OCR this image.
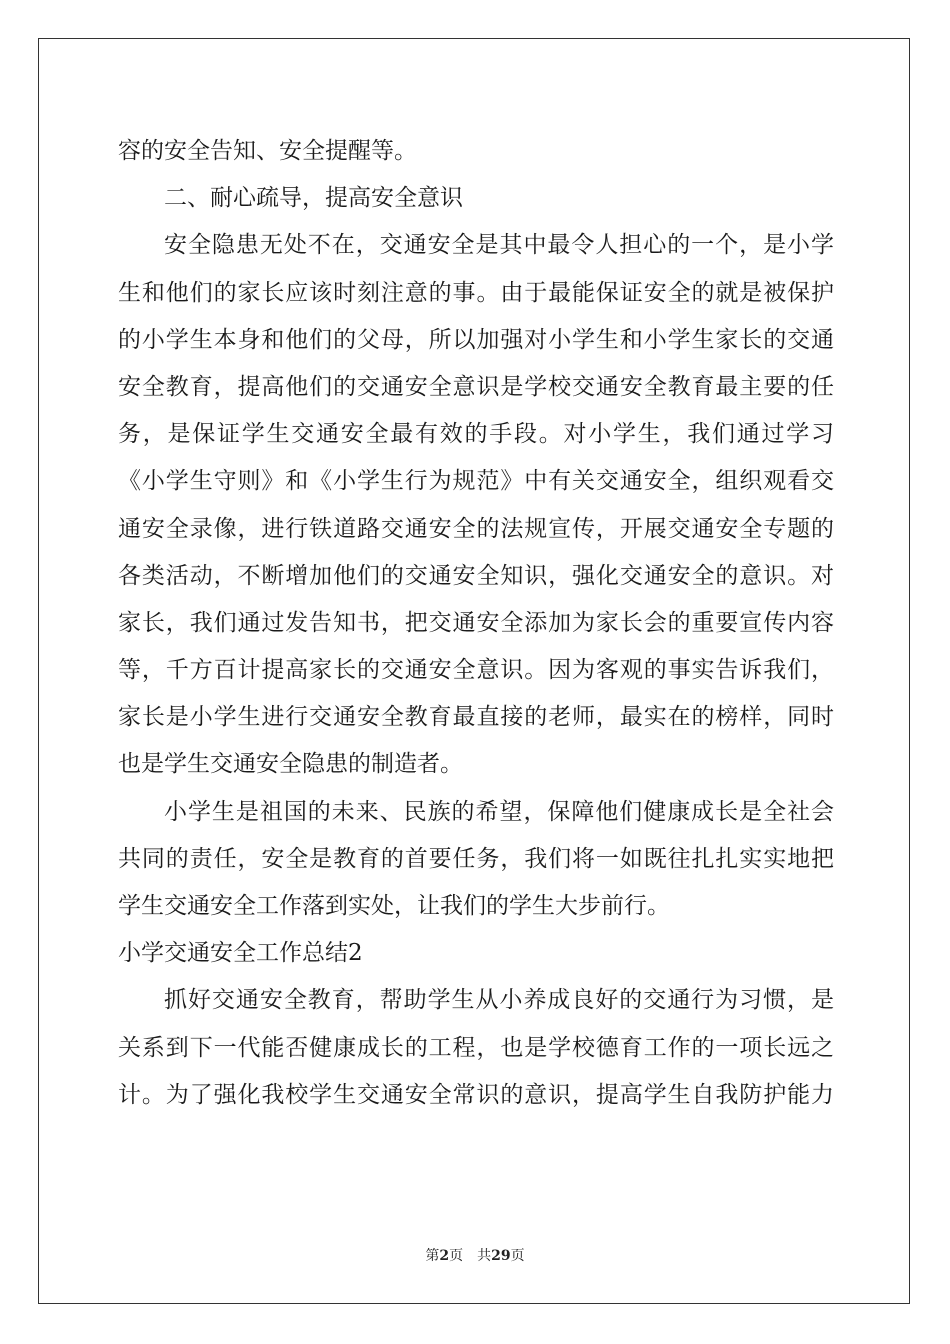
容的安全告知、安全提醒等。
二、耐心疏导，提高安全意识
安全隐患无处不在，交通安全是其中最令人担心的一个，是小学
生和他们的家长应该时刻注意的事。由于最能保证安全的就是被保护
的小学生本身和他们的父母，所以加强对小学生和小学生家长的交通
安全教育，提高他们的交通安全意识是学校交通安全教育最主要的任
务，是保证学生交通安全最有效的手段。对小学生，我们通过学习
《小学生守则》和《小学生行为规范》中有关交通安全，组织观看交
通安全录像，进行铁道路交通安全的法规宣传，开展交通安全专题的
各类活动，不断增加他们的交通安全知识，强化交通安全的意识。对
家长，我们通过发告知书，把交通安全添加为家长会的重要宣传内容
等，千方百计提高家长的交通安全意识。因为客观的事实告诉我们，
家长是小学生进行交通安全教育最直接的老师，最实在的榜样，同时
也是学生交通安全隐患的制造者。
小学生是祖国的未来、民族的希望，保障他们健康成长是全社会
共同的责任，安全是教育的首要任务，我们将一如既往扎扎实实地把
学生交通安全工作落到实处，让我们的学生大步前行。
小学交通安全工作总结2
抓好交通安全教育，帮助学生从小养成良好的交通行为习惯，是
关系到下一代能否健康成长的工程，也是学校德育工作的一项长远之
计。为了强化我校学生交通安全常识的意识，提高学生自我防护能力
第2页　共29页
